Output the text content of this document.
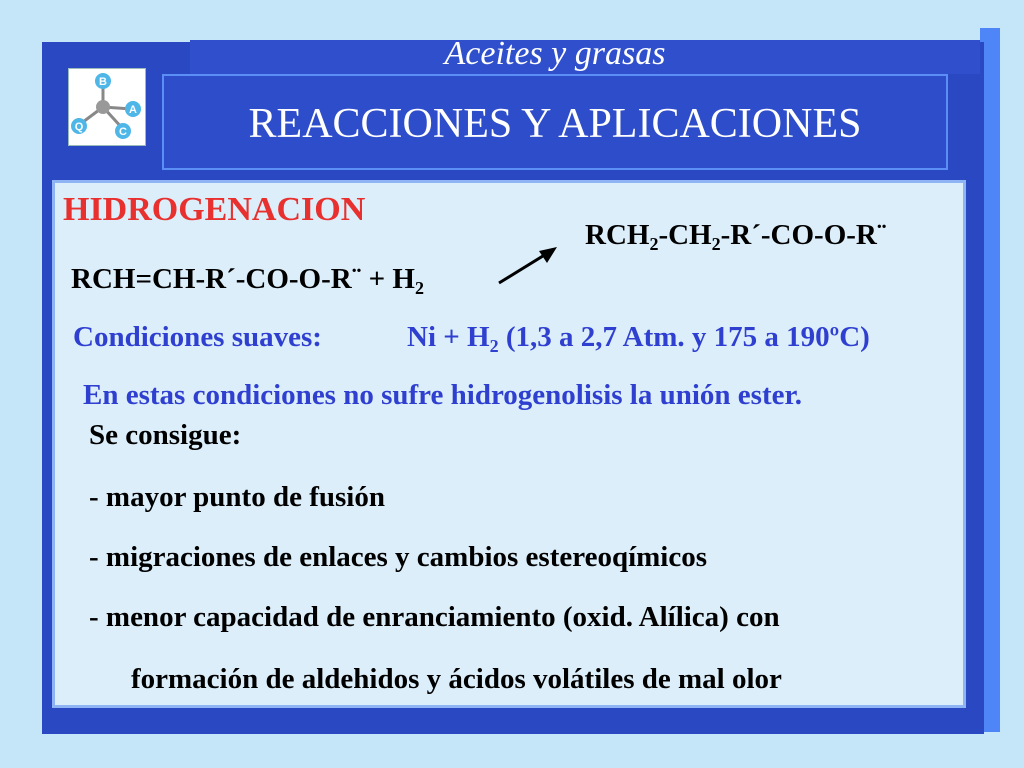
Aceites y grasas
REACCIONES Y APLICACIONES
B
A
C
Q
HIDROGENACION
$RCH_2-CH_2-R´-CO-O-R¨$
RCH=CH-R´-CO-O-R¨ + $H_2$
Condiciones suaves:	$Ni + H_2$ (1,3 a 2,7 Atm. y 175 a 190ºC)
En estas condiciones no sufre hidrogenolisis la unión ester.
Se consigue:
- mayor punto de fusión
- migraciones de enlaces y cambios estereoqímicos
- menor capacidad de enranciamiento (oxid. Alílica) con
formación de aldehidos y ácidos volátiles de mal olor
